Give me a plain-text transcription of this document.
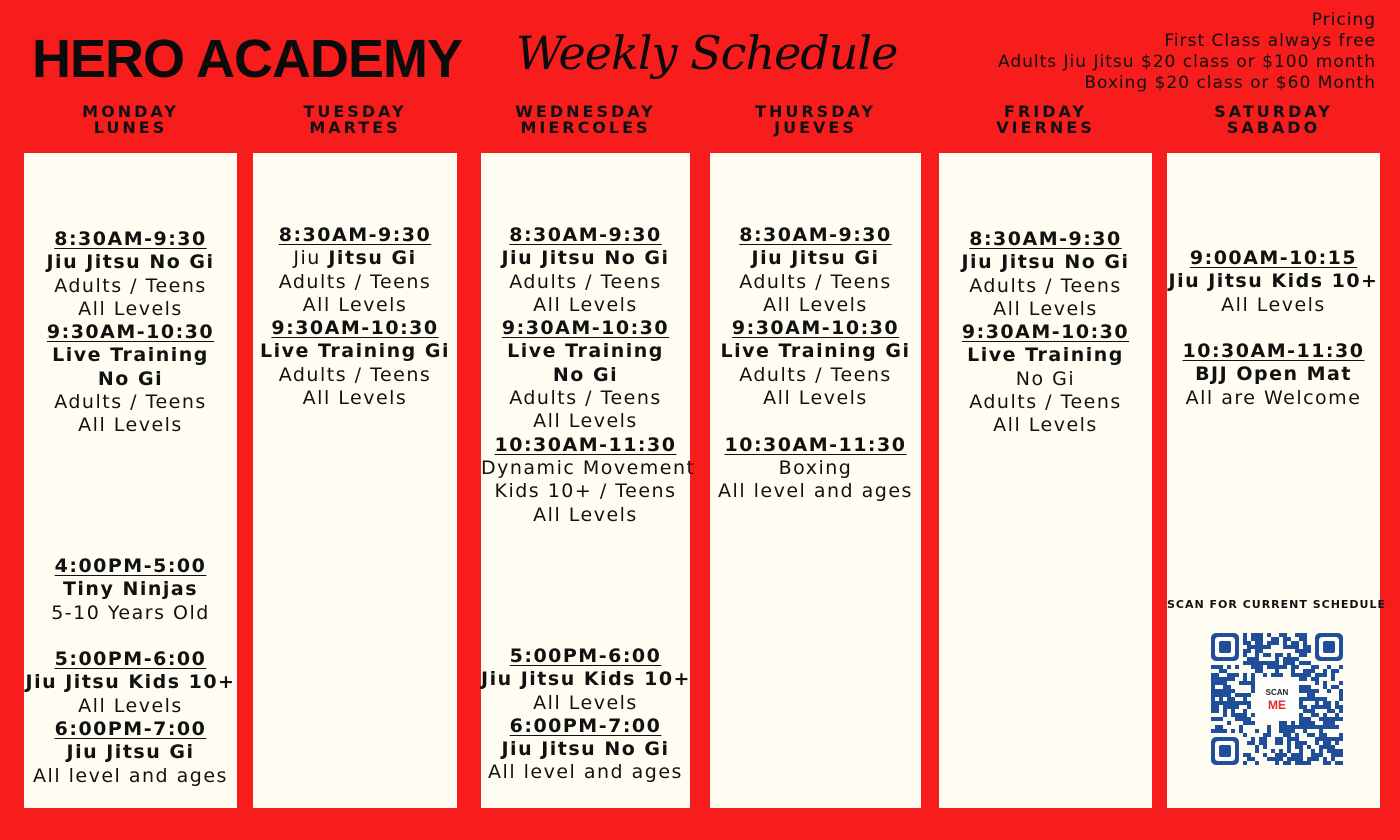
HERO ACADEMY Weekly Schedule
Pricing
First Class always free
Adults Jiu Jitsu $20 class or $100 month
Boxing $20 class or $60 Month
MONDAY
LUNES
TUESDAY
MARTES
WEDNESDAY
MIERCOLES
THURSDAY
JUEVES
FRIDAY
VIERNES
SATURDAY
SABADO
8:30AM-9:30
Jiu Jitsu No Gi
Adults / Teens
All Levels
9:30AM-10:30
Live Training
No Gi
Adults / Teens
All Levels
4:00PM-5:00
Tiny Ninjas
5-10 Years Old
5:00PM-6:00
Jiu Jitsu Kids 10+
All Levels
6:00PM-7:00
Jiu Jitsu Gi
All level and ages
8:30AM-9:30
Jiu Jitsu Gi
Adults / Teens
All Levels
9:30AM-10:30
Live Training Gi
Adults / Teens
All Levels
8:30AM-9:30
Jiu Jitsu No Gi
Adults / Teens
All Levels
9:30AM-10:30
Live Training
No Gi
Adults / Teens
All Levels
10:30AM-11:30
Dynamic Movement
Kids 10+ / Teens
All Levels
5:00PM-6:00
Jiu Jitsu Kids 10+
All Levels
6:00PM-7:00
Jiu Jitsu No Gi
All level and ages
8:30AM-9:30
Jiu Jitsu Gi
Adults / Teens
All Levels
9:30AM-10:30
Live Training Gi
Adults / Teens
All Levels
10:30AM-11:30
Boxing
All level and ages
8:30AM-9:30
Jiu Jitsu No Gi
Adults / Teens
All Levels
9:30AM-10:30
Live Training
No Gi
Adults / Teens
All Levels
9:00AM-10:15
Jiu Jitsu Kids 10+
All Levels
10:30AM-11:30
BJJ Open Mat
All are Welcome
SCAN FOR CURRENT SCHEDULE
SCAN
ME
